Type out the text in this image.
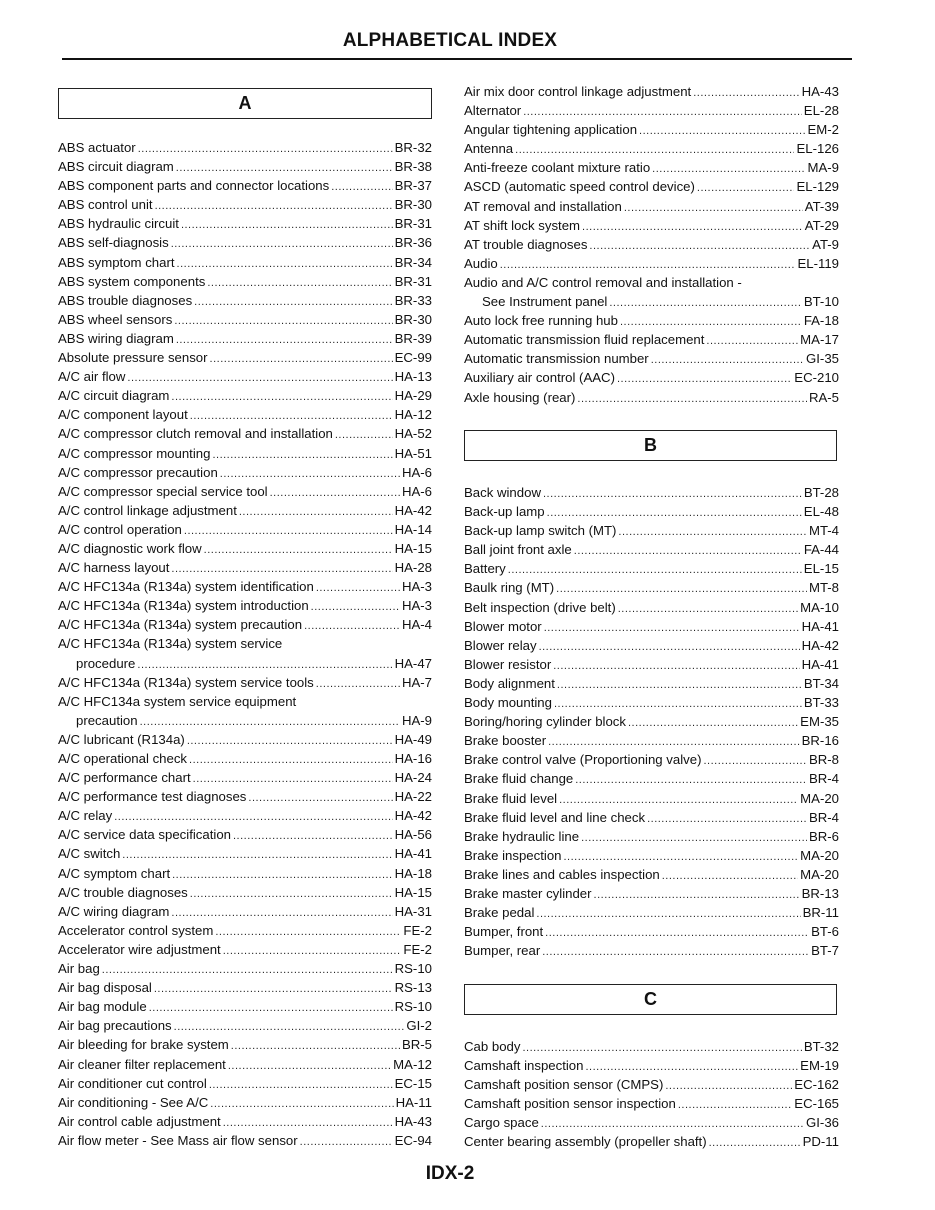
ALPHABETICAL INDEX
A
ABS actuator .....	BR-32
ABS circuit diagram .....	BR-38
ABS component parts and connector locations .....	BR-37
ABS control unit .....	BR-30
ABS hydraulic circuit .....	BR-31
ABS self-diagnosis .....	BR-36
ABS symptom chart .....	BR-34
ABS system components .....	BR-31
ABS trouble diagnoses .....	BR-33
ABS wheel sensors .....	BR-30
ABS wiring diagram .....	BR-39
Absolute pressure sensor .....	EC-99
A/C air flow .....	HA-13
A/C circuit diagram .....	HA-29
A/C component layout .....	HA-12
A/C compressor clutch removal and installation .....	HA-52
A/C compressor mounting .....	HA-51
A/C compressor precaution .....	HA-6
A/C compressor special service tool .....	HA-6
A/C control linkage adjustment .....	HA-42
A/C control operation .....	HA-14
A/C diagnostic work flow .....	HA-15
A/C harness layout .....	HA-28
A/C HFC134a (R134a) system identification .....	HA-3
A/C HFC134a (R134a) system introduction .....	HA-3
A/C HFC134a (R134a) system precaution .....	HA-4
A/C HFC134a (R134a) system service
procedure .....	HA-47
A/C HFC134a (R134a) system service tools .....	HA-7
A/C HFC134a system service equipment
precaution .....	HA-9
A/C lubricant (R134a) .....	HA-49
A/C operational check .....	HA-16
A/C performance chart .....	HA-24
A/C performance test diagnoses .....	HA-22
A/C relay .....	HA-42
A/C service data specification .....	HA-56
A/C switch .....	HA-41
A/C symptom chart .....	HA-18
A/C trouble diagnoses .....	HA-15
A/C wiring diagram .....	HA-31
Accelerator control system .....	FE-2
Accelerator wire adjustment .....	FE-2
Air bag .....	RS-10
Air bag disposal .....	RS-13
Air bag module .....	RS-10
Air bag precautions .....	GI-2
Air bleeding for brake system .....	BR-5
Air cleaner filter replacement .....	MA-12
Air conditioner cut control .....	EC-15
Air conditioning - See A/C .....	HA-11
Air control cable adjustment .....	HA-43
Air flow meter - See Mass air flow sensor .....	EC-94
Air mix door control linkage adjustment .....	HA-43
Alternator .....	EL-28
Angular tightening application .....	EM-2
Antenna .....	EL-126
Anti-freeze coolant mixture ratio .....	MA-9
ASCD (automatic speed control device) .....	EL-129
AT removal and installation .....	AT-39
AT shift lock system .....	AT-29
AT trouble diagnoses .....	AT-9
Audio .....	EL-119
Audio and A/C control removal and installation -
See Instrument panel .....	BT-10
Auto lock free running hub .....	FA-18
Automatic transmission fluid replacement .....	MA-17
Automatic transmission number .....	GI-35
Auxiliary air control (AAC) .....	EC-210
Axle housing (rear) .....	RA-5
B
Back window .....	BT-28
Back-up lamp .....	EL-48
Back-up lamp switch (MT) .....	MT-4
Ball joint front axle .....	FA-44
Battery .....	EL-15
Baulk ring (MT) .....	MT-8
Belt inspection (drive belt) .....	MA-10
Blower motor .....	HA-41
Blower relay .....	HA-42
Blower resistor .....	HA-41
Body alignment .....	BT-34
Body mounting .....	BT-33
Boring/horing cylinder block .....	EM-35
Brake booster .....	BR-16
Brake control valve (Proportioning valve) .....	BR-8
Brake fluid change .....	BR-4
Brake fluid level .....	MA-20
Brake fluid level and line check .....	BR-4
Brake hydraulic line .....	BR-6
Brake inspection .....	MA-20
Brake lines and cables inspection .....	MA-20
Brake master cylinder .....	BR-13
Brake pedal .....	BR-11
Bumper, front .....	BT-6
Bumper, rear .....	BT-7
C
Cab body .....	BT-32
Camshaft inspection .....	EM-19
Camshaft position sensor (CMPS) .....	EC-162
Camshaft position sensor inspection .....	EC-165
Cargo space .....	GI-36
Center bearing assembly (propeller shaft) .....	PD-11
IDX-2
